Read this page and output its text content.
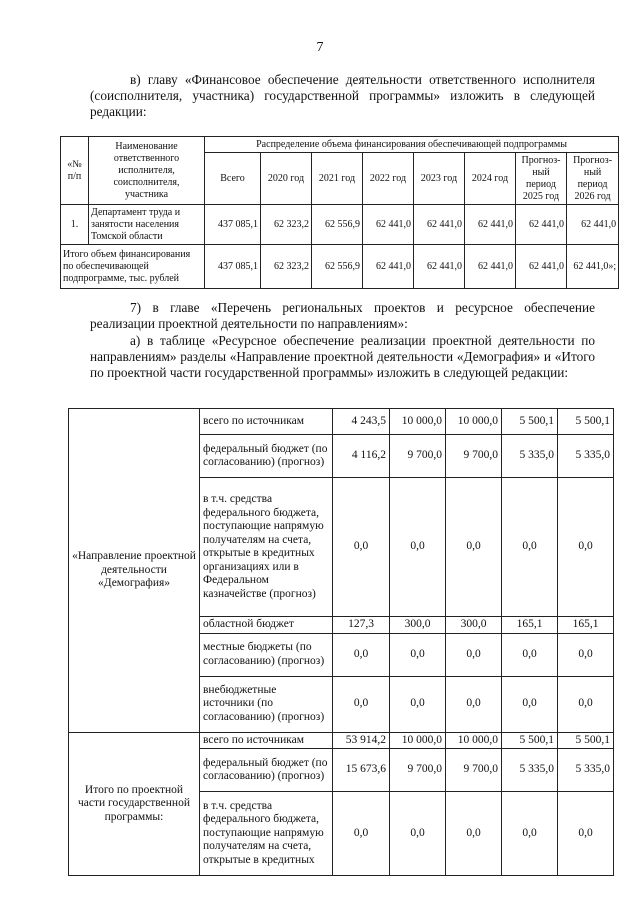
7

в) главу «Финансовое обеспечение деятельности ответственного исполнителя (соисполнителя, участника) государственной программы» изложить в следующей редакции:

«№ п/п	Наименование ответственного исполнителя, соисполнителя, участника	Распределение объема финансирования обеспечивающей подпрограммы							
		Всего	2020 год	2021 год	2022 год	2023 год	2024 год	Прогноз-ный период 2025 год	Прогноз-ный период 2026 год
1.	Департамент труда и занятости населения Томской области	437 085,1	62 323,2	62 556,9	62 441,0	62 441,0	62 441,0	62 441,0	62 441,0
Итого объем финансирования по обеспечивающей подпрограмме, тыс. рублей		437 085,1	62 323,2	62 556,9	62 441,0	62 441,0	62 441,0	62 441,0	62 441,0»;

7) в главе «Перечень региональных проектов и ресурсное обеспечение реализации проектной деятельности по направлениям»:

а) в таблице «Ресурсное обеспечение реализации проектной деятельности по направлениям» разделы «Направление проектной деятельности «Демография» и «Итого по проектной части государственной программы» изложить в следующей редакции:

«Направление проектной деятельности «Демография»	всего по источникам	4 243,5	10 000,0	10 000,0	5 500,1	5 500,1
	федеральный бюджет (по согласованию) (прогноз)	4 116,2	9 700,0	9 700,0	5 335,0	5 335,0
	в т.ч. средства федерального бюджета, поступающие напрямую получателям на счета, открытые в кредитных организациях или в Федеральном казначействе (прогноз)	0,0	0,0	0,0	0,0	0,0
	областной бюджет	127,3	300,0	300,0	165,1	165,1
	местные бюджеты (по согласованию) (прогноз)	0,0	0,0	0,0	0,0	0,0
	внебюджетные источники (по согласованию) (прогноз)	0,0	0,0	0,0	0,0	0,0
Итого по проектной части государственной программы:	всего по источникам	53 914,2	10 000,0	10 000,0	5 500,1	5 500,1
	федеральный бюджет (по согласованию) (прогноз)	15 673,6	9 700,0	9 700,0	5 335,0	5 335,0
	в т.ч. средства федерального бюджета, поступающие напрямую получателям на счета, открытые в кредитных	0,0	0,0	0,0	0,0	0,0
